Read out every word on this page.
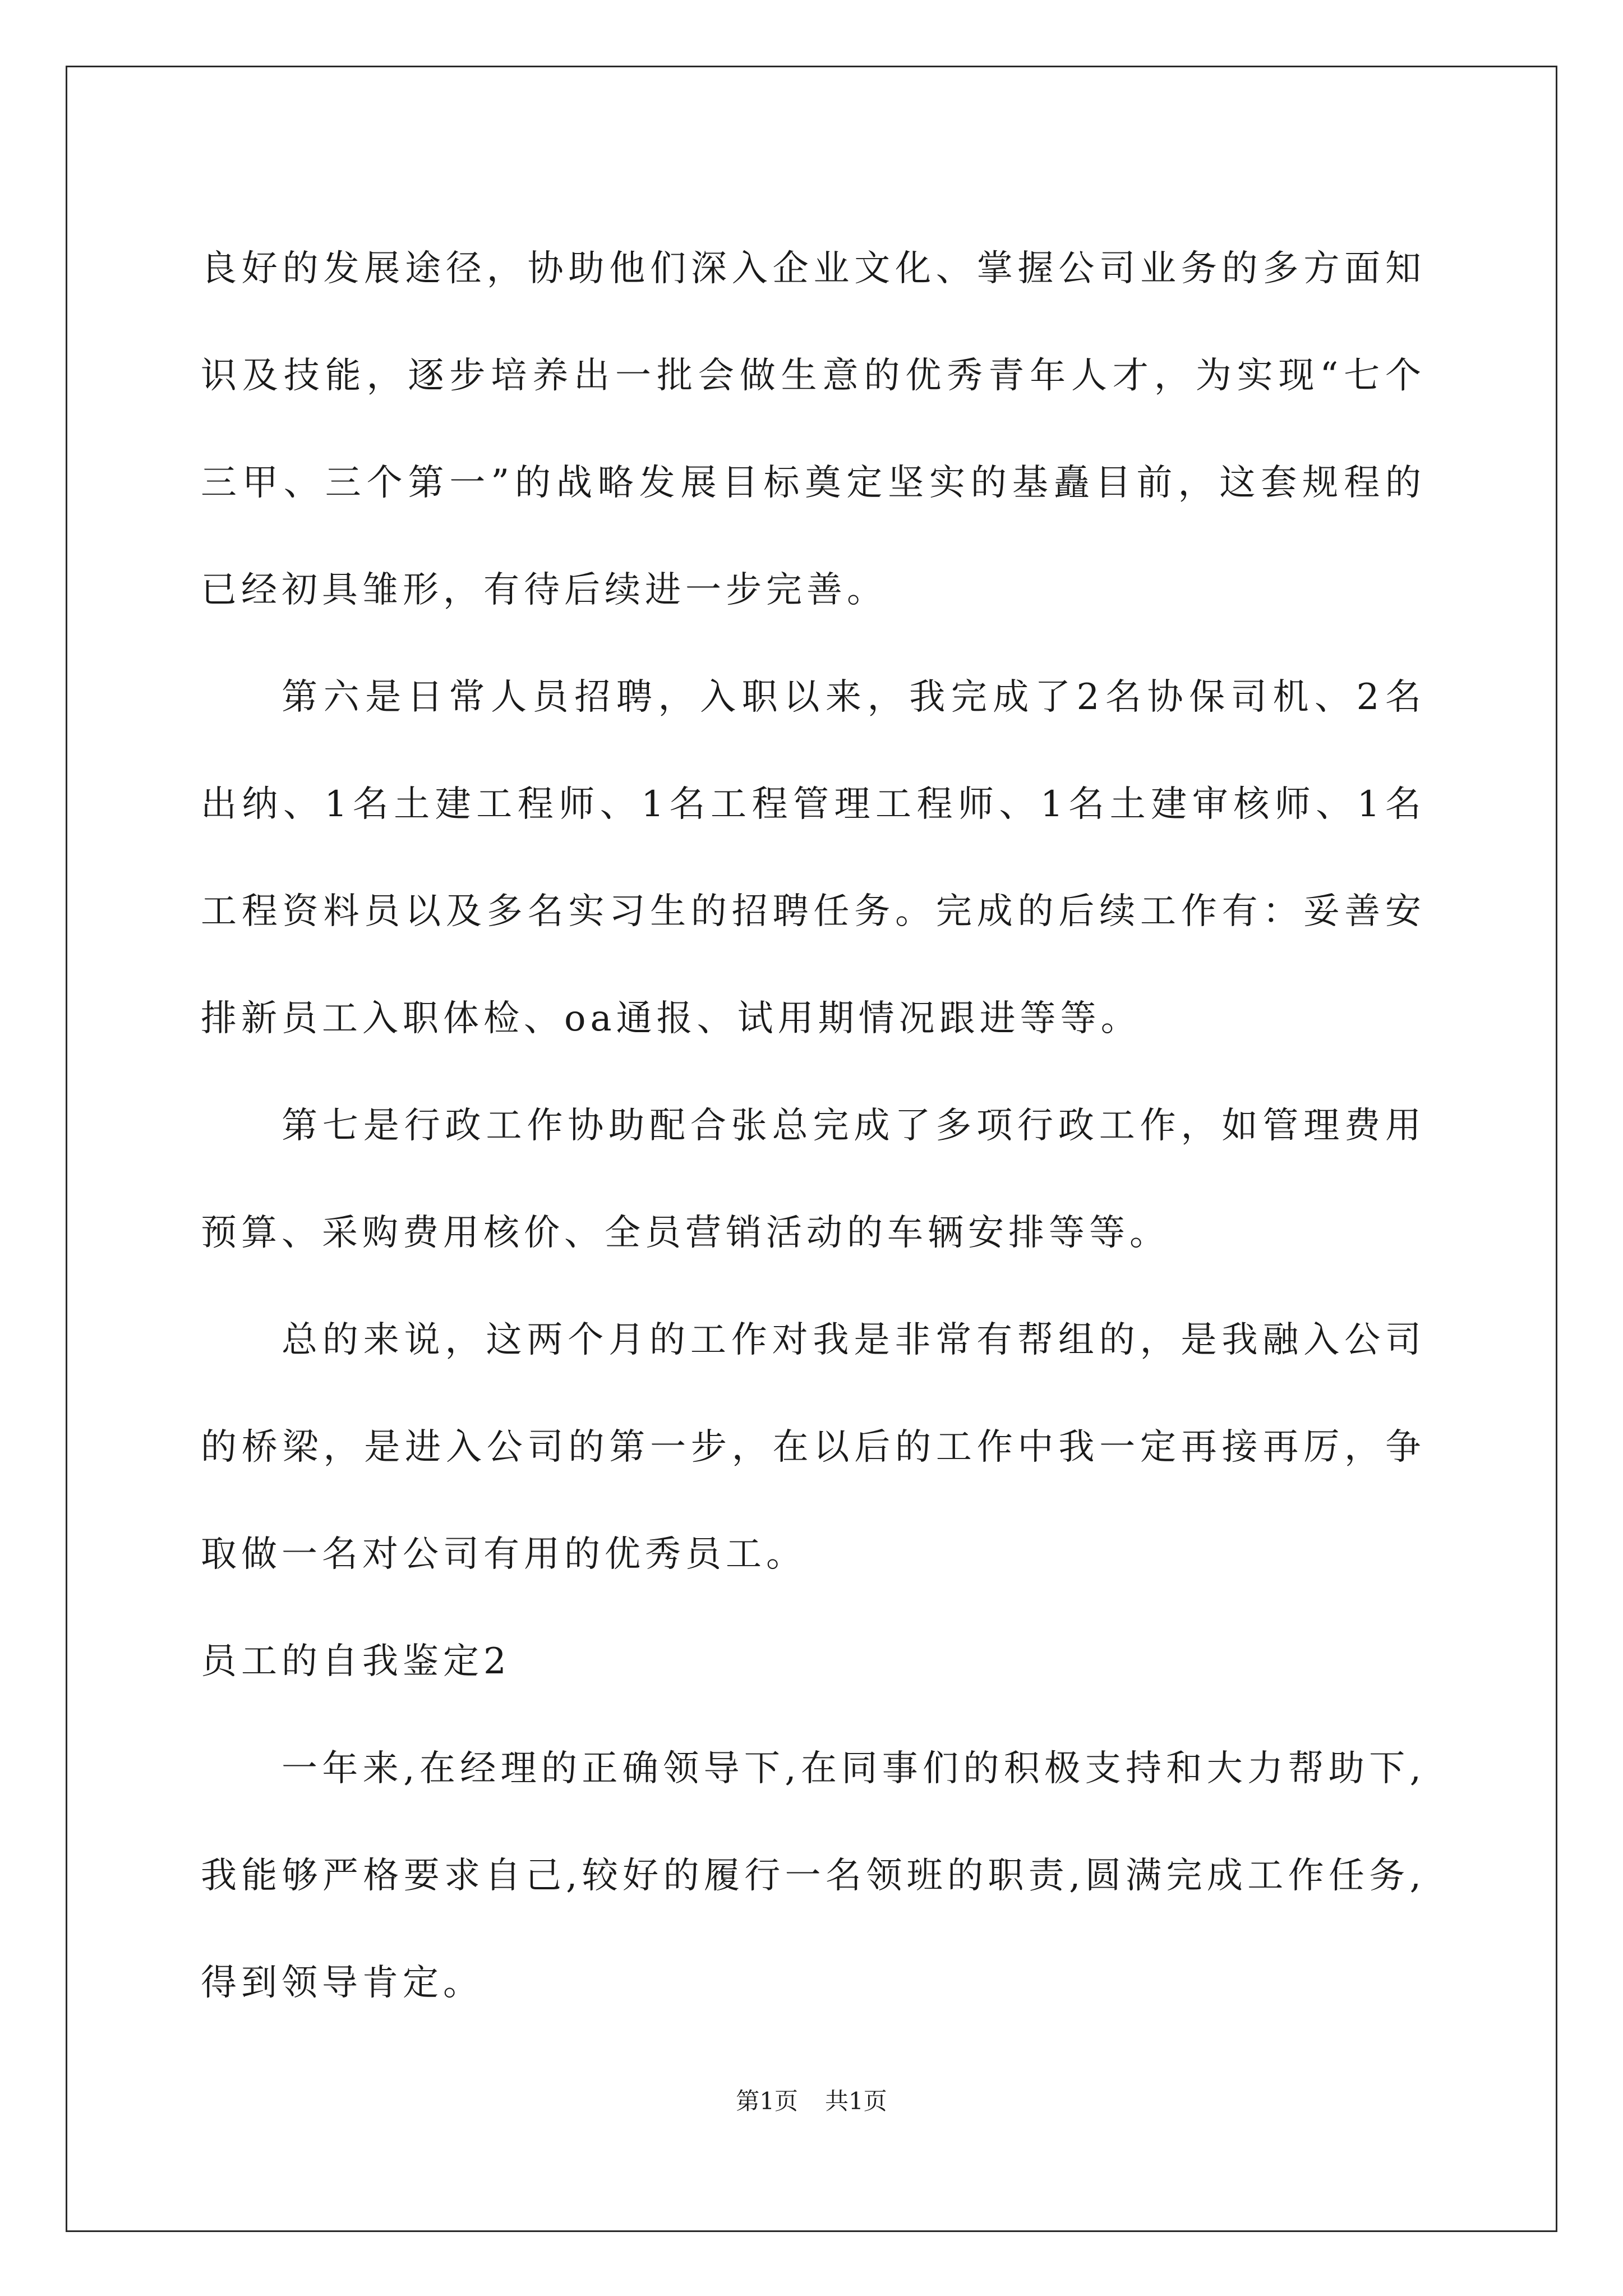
良好的发展途径，协助他们深入企业文化、掌握公司业务的多方面知识及技能，逐步培养出一批会做生意的优秀青年人才，为实现“七个三甲、三个第一”的战略发展目标奠定坚实的基矗目前，这套规程的已经初具雏形，有待后续进一步完善。

第六是日常人员招聘，入职以来，我完成了2名协保司机、2名出纳、1名土建工程师、1名工程管理工程师、1名土建审核师、1名工程资料员以及多名实习生的招聘任务。完成的后续工作有：妥善安排新员工入职体检、oa通报、试用期情况跟进等等。

第七是行政工作协助配合张总完成了多项行政工作，如管理费用预算、采购费用核价、全员营销活动的车辆安排等等。

总的来说，这两个月的工作对我是非常有帮组的，是我融入公司的桥梁，是进入公司的第一步，在以后的工作中我一定再接再厉，争取做一名对公司有用的优秀员工。

员工的自我鉴定2

一年来,在经理的正确领导下,在同事们的积极支持和大力帮助下,我能够严格要求自己,较好的履行一名领班的职责,圆满完成工作任务,得到领导肯定。

第1页 共1页
